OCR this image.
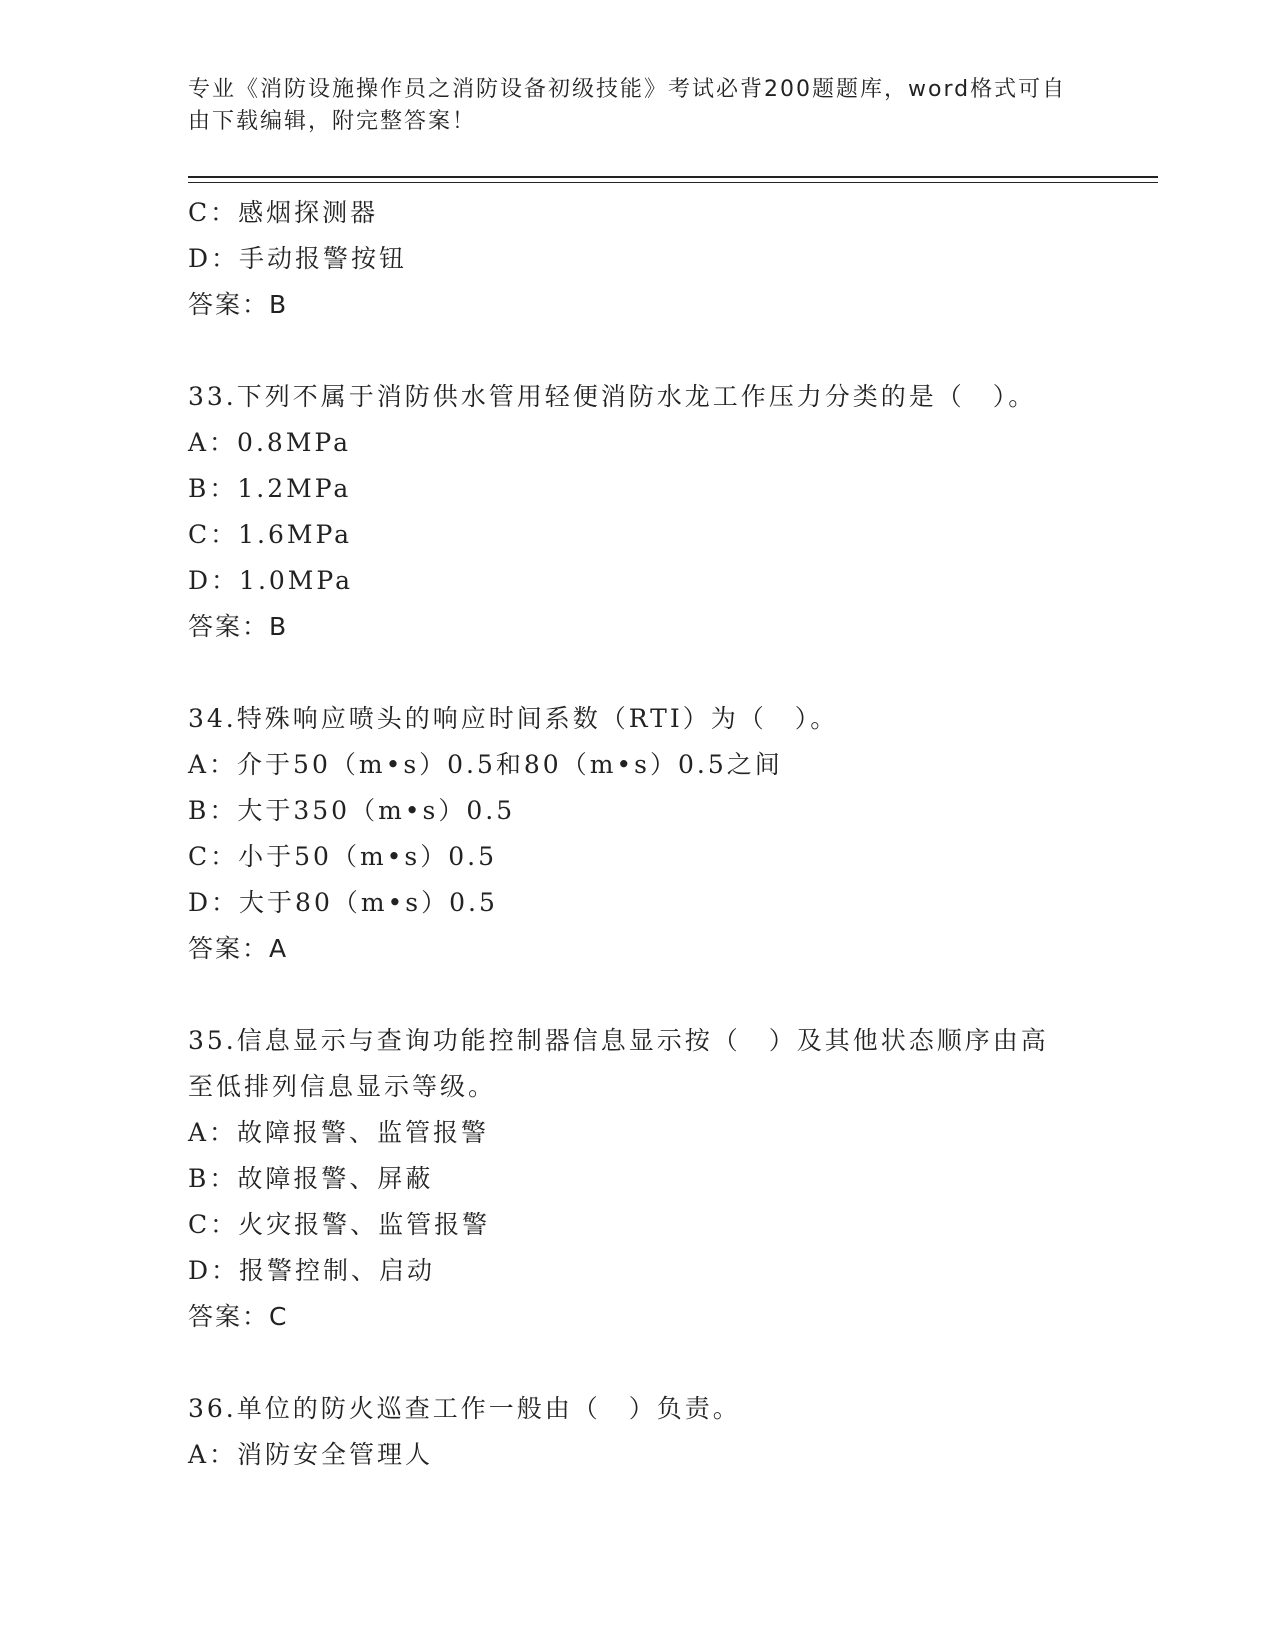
专业《消防设施操作员之消防设备初级技能》考试必背200题题库，word格式可自由下载编辑，附完整答案！
C：感烟探测器
D：手动报警按钮
答案：B
33.下列不属于消防供水管用轻便消防水龙工作压力分类的是（　）。
A：0.8MPa
B：1.2MPa
C：1.6MPa
D：1.0MPa
答案：B
34.特殊响应喷头的响应时间系数（RTI）为（　）。
A：介于50（m•s）0.5和80（m•s）0.5之间
B：大于350（m•s）0.5
C：小于50（m•s）0.5
D：大于80（m•s）0.5
答案：A
35.信息显示与查询功能控制器信息显示按（　）及其他状态顺序由高
至低排列信息显示等级。
A：故障报警、监管报警
B：故障报警、屏蔽
C：火灾报警、监管报警
D：报警控制、启动
答案：C
36.单位的防火巡查工作一般由（　）负责。
A：消防安全管理人
